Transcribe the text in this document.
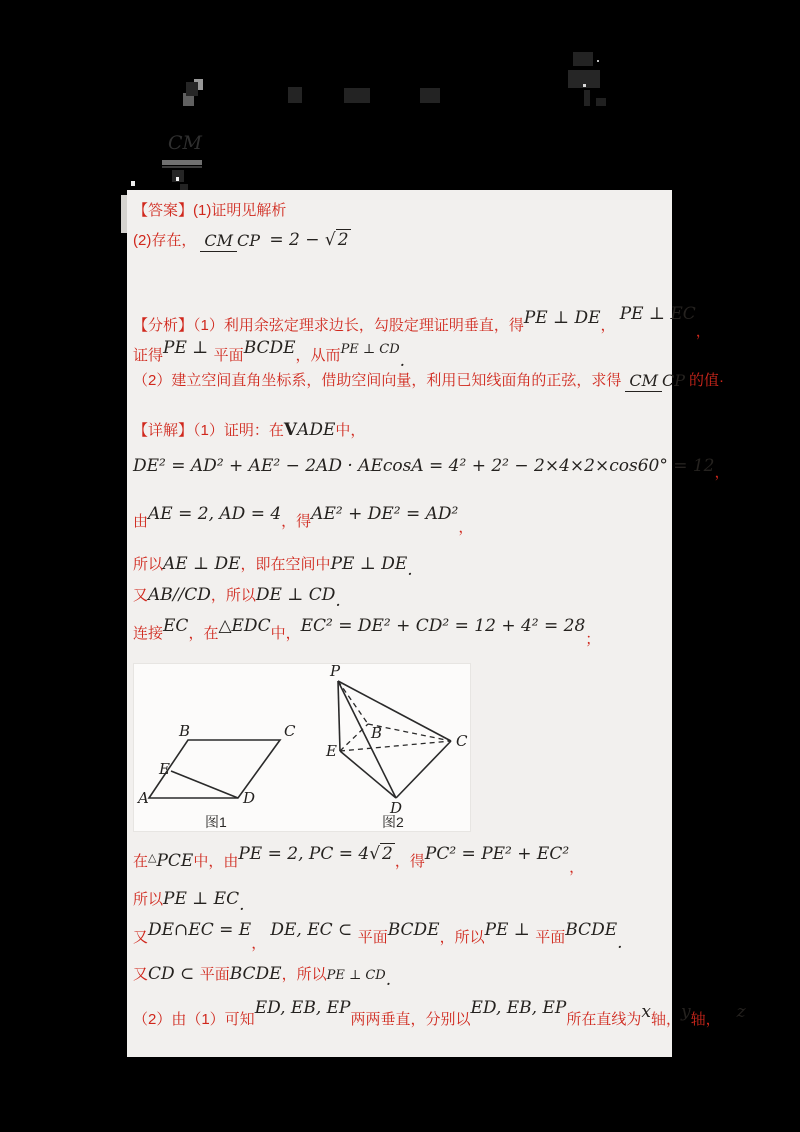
CM
【答案】(1)证明见解析
(2)存在， CM CP = 2 − √ 2
【分析】（1）利用余弦定理求边长，勾股定理证明垂直，得PE ⊥ DE， PE ⊥ EC，
证得PE ⊥ 平面BCDE，从而PE ⊥ CD.
（2）建立空间直角坐标系，借助空间向量，利用已知线面角的正弦，求得 CM CP 的值·
【详解】（1）证明：在VADE中，
DE² = AD² + AE² − 2AD · AEcosA = 4² + 2² − 2×4×2×cos60° = 12，
由AE = 2, AD = 4，得AE² + DE² = AD²，
所以AE ⊥ DE，即在空间中PE ⊥ DE.
又AB//CD，所以DE ⊥ CD.
连接EC，在△EDC中，EC² = DE² + CD² = 12 + 4² = 28；
在△PCE中，由PE = 2, PC = 4√ 2 ，得PC² = PE² + EC²，
所以PE ⊥ EC.
又DE∩EC = E， DE, EC ⊂ 平面BCDE，所以PE ⊥ 平面BCDE.
又CD ⊂ 平面BCDE，所以PE ⊥ CD.
（2）由（1）可知ED, EB, EP两两垂直，分别以ED, EB, EP所在直线为x轴，y轴， z
A
B	C
D
E
图1
P
E
B	C
D
图2
